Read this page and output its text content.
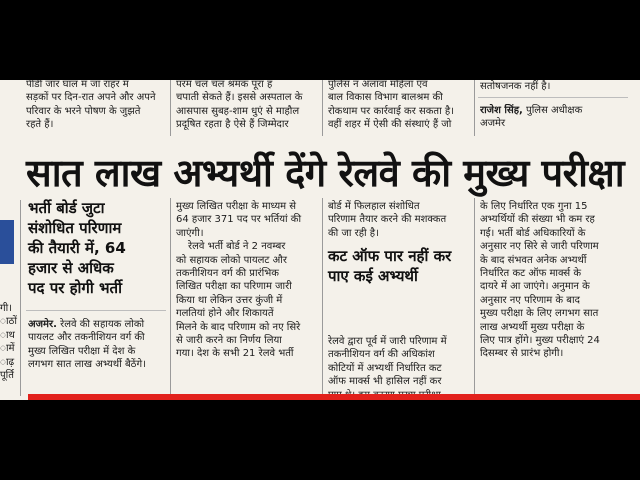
पीडी जार घाल म जा राहर म
सड़कों पर दिन-रात अपने और अपने
परिवार के भरने पोषण के जुझते
रहते हैं।
परम चल चल श्रमक पूरा ह
चपाती सेकते हैं। इससे अस्पताल के
आसपास सुबह-शाम धुएं से माहौल
प्रदूषित रहता है ऐसे हैं जिम्मेदार
पुलिस न अलावा महिला एव
बाल विकास विभाग बालश्रम की
रोकथाम पर कार्रवाई कर सकता है।
वहीं शहर में ऐसी की संस्थाएं हैं जो
सतोषजनक नहीं है।
राजेश सिंह, पुलिस अधीक्षक
अजमेर
सात लाख अभ्यर्थी देंगे रेलवे की मुख्य परीक्षा
गी।
ाठों
ाथ
ामें
ाढ़
पूर्ति
भर्ती बोर्ड जुटा
संशोधित परिणाम
की तैयारी में, 64
हजार से अधिक
पद पर होगी भर्ती
अजमेर. रेलवे की सहायक लोको
पायलट और तकनीशियन वर्ग की
मुख्य लिखित परीक्षा में देश के
लगभग सात लाख अभ्यर्थी बैठेंगे।
मुख्य लिखित परीक्षा के माध्यम से
64 हजार 371 पद पर भर्तियां की
जाएंगी।
रेलवे भर्ती बोर्ड ने 2 नवम्बर
को सहायक लोको पायलट और
तकनीशियन वर्ग की प्रारंभिक
लिखित परीक्षा का परिणाम जारी
किया था लेकिन उत्तर कुंजी में
गलतियां होने और शिकायतें
मिलने के बाद परिणाम को नए सिरे
से जारी करने का निर्णय लिया
गया। देश के सभी 21 रेलवे भर्ती
बोर्ड में फिलहाल संशोधित
परिणाम तैयार करने की मशक्कत
की जा रही है।
कट ऑफ पार नहीं कर
पाए कई अभ्यर्थी
रेलवे द्वारा पूर्व में जारी परिणाम में
तकनीशियन वर्ग की अधिकांश
कोटियों में अभ्यर्थी निर्धारित कट
ऑफ मार्क्स भी हासिल नहीं कर
के लिए निर्धारित एक गुना 15
अभ्यर्थियों की संख्या भी कम रह
गई। भर्ती बोर्ड अधिकारियों के
अनुसार नए सिरे से जारी परिणाम
के बाद संभवत अनेक अभ्यर्थी
निर्धारित कट ऑफ मार्क्स के
दायरे में आ जाएंगे। अनुमान के
अनुसार नए परिणाम के बाद
मुख्य परीक्षा के लिए लगभग सात
लाख अभ्यर्थी मुख्य परीक्षा के
लिए पात्र होंगे। मुख्य परीक्षाएं 24
दिसम्बर से प्रारंभ होगी।
